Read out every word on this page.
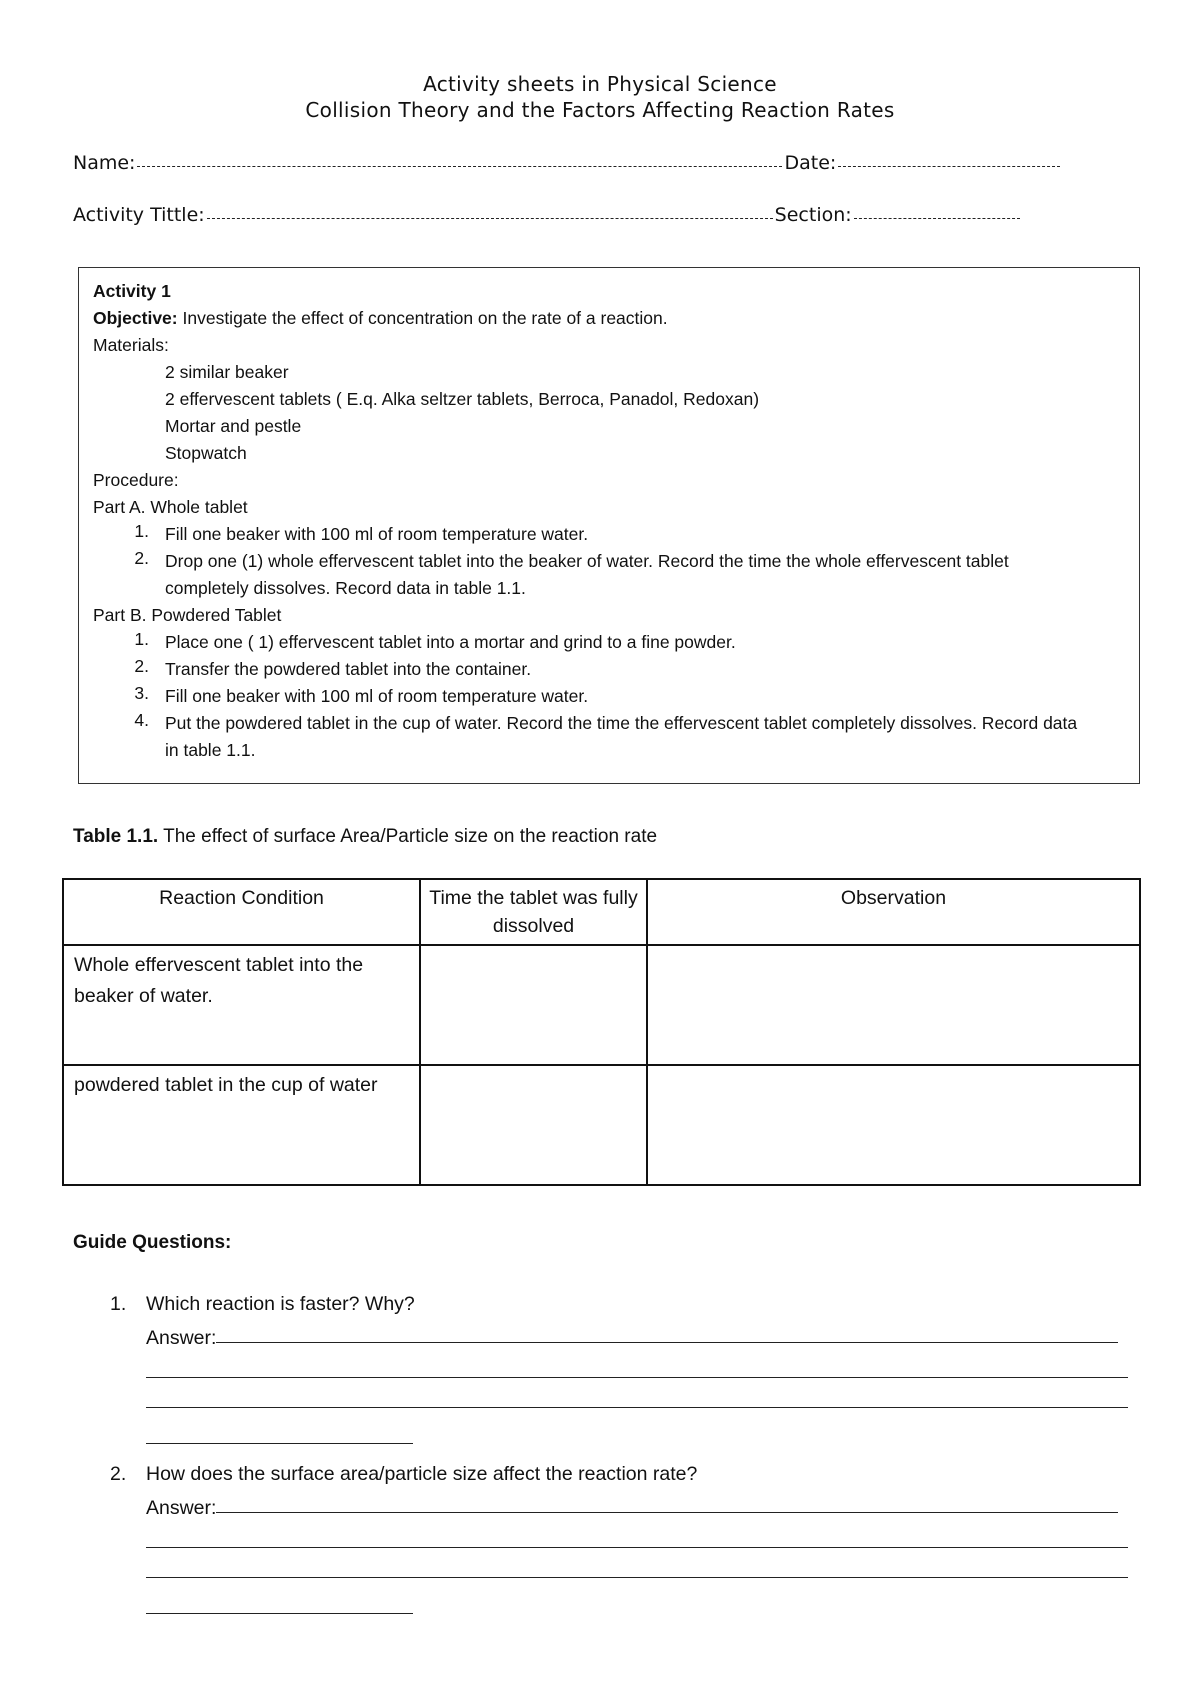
Activity sheets in Physical Science
Collision Theory and the Factors Affecting Reaction Rates
Name:	Date:
Activity Tittle:	Section:
Activity 1
Objective: Investigate the effect of concentration on the rate of a reaction.
Materials:
2 similar beaker
2 effervescent tablets ( E.q. Alka seltzer tablets, Berroca, Panadol, Redoxan)
Mortar and pestle
Stopwatch
Procedure:
Part A. Whole tablet
1. Fill one beaker with 100 ml of room temperature water.
2. Drop one (1) whole effervescent tablet into the beaker of water. Record the time the whole effervescent tablet completely dissolves. Record data in table 1.1.
Part B. Powdered Tablet
1. Place one ( 1) effervescent tablet into a mortar and grind to a fine powder.
2. Transfer the powdered tablet into the container.
3. Fill one beaker with 100 ml of room temperature water.
4. Put the powdered tablet in the cup of water. Record the time the effervescent tablet completely dissolves. Record data in table 1.1.
Table 1.1. The effect of surface Area/Particle size on the reaction rate
Reaction Condition	Time the tablet was fully dissolved	Observation
Whole effervescent tablet into the beaker of water.		
powdered tablet in the cup of water		
Guide Questions:
1.	Which reaction is faster? Why?
Answer:
2.	How does the surface area/particle size affect the reaction rate?
Answer:
